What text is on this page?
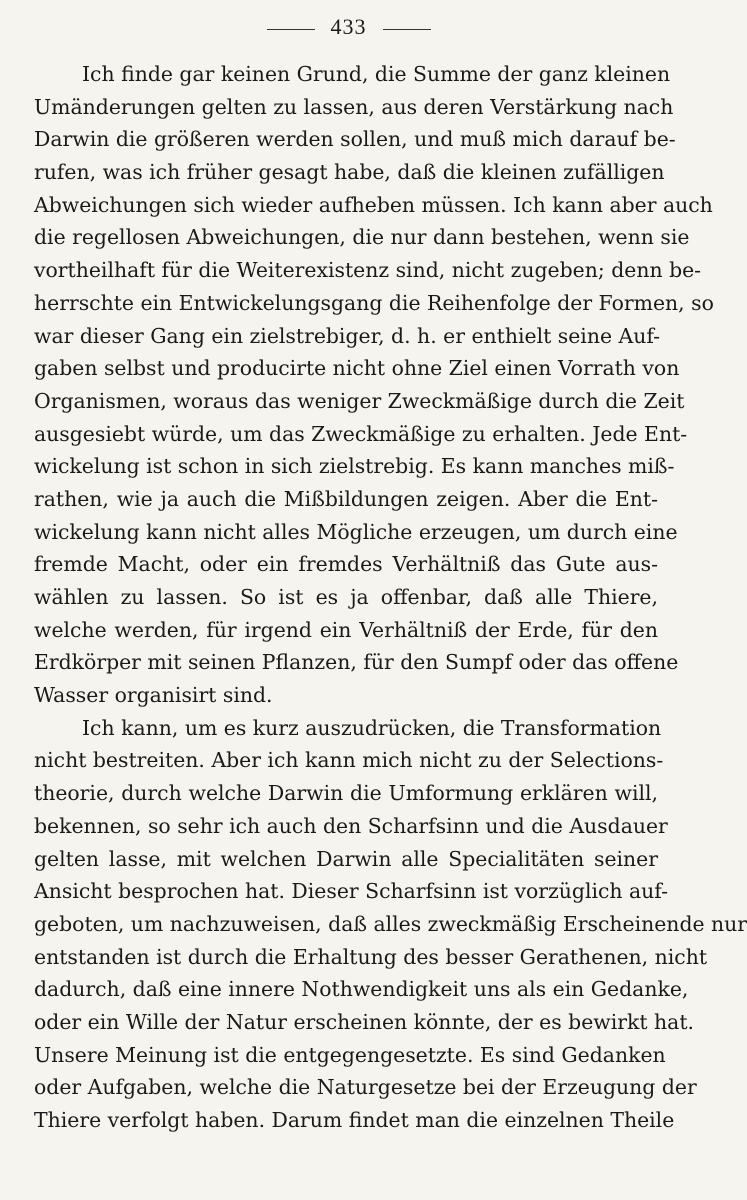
433
Ich finde gar keinen Grund, die Summe der ganz kleinen
Umänderungen gelten zu lassen, aus deren Verstärkung nach
Darwin die größeren werden sollen, und muß mich darauf be-
rufen, was ich früher gesagt habe, daß die kleinen zufälligen
Abweichungen sich wieder aufheben müssen. Ich kann aber auch
die regellosen Abweichungen, die nur dann bestehen, wenn sie
vortheilhaft für die Weiterexistenz sind, nicht zugeben; denn be-
herrschte ein Entwickelungsgang die Reihenfolge der Formen, so
war dieser Gang ein zielstrebiger, d. h. er enthielt seine Auf-
gaben selbst und producirte nicht ohne Ziel einen Vorrath von
Organismen, woraus das weniger Zweckmäßige durch die Zeit
ausgesiebt würde, um das Zweckmäßige zu erhalten. Jede Ent-
wickelung ist schon in sich zielstrebig. Es kann manches miß-
rathen, wie ja auch die Mißbildungen zeigen. Aber die Ent-
wickelung kann nicht alles Mögliche erzeugen, um durch eine
fremde Macht, oder ein fremdes Verhältniß das Gute aus-
wählen zu lassen. So ist es ja offenbar, daß alle Thiere,
welche werden, für irgend ein Verhältniß der Erde, für den
Erdkörper mit seinen Pflanzen, für den Sumpf oder das offene
Wasser organisirt sind.
Ich kann, um es kurz auszudrücken, die Transformation
nicht bestreiten. Aber ich kann mich nicht zu der Selections-
theorie, durch welche Darwin die Umformung erklären will,
bekennen, so sehr ich auch den Scharfsinn und die Ausdauer
gelten lasse, mit welchen Darwin alle Specialitäten seiner
Ansicht besprochen hat. Dieser Scharfsinn ist vorzüglich auf-
geboten, um nachzuweisen, daß alles zweckmäßig Erscheinende nur
entstanden ist durch die Erhaltung des besser Gerathenen, nicht
dadurch, daß eine innere Nothwendigkeit uns als ein Gedanke,
oder ein Wille der Natur erscheinen könnte, der es bewirkt hat.
Unsere Meinung ist die entgegengesetzte. Es sind Gedanken
oder Aufgaben, welche die Naturgesetze bei der Erzeugung der
Thiere verfolgt haben. Darum findet man die einzelnen Theile
